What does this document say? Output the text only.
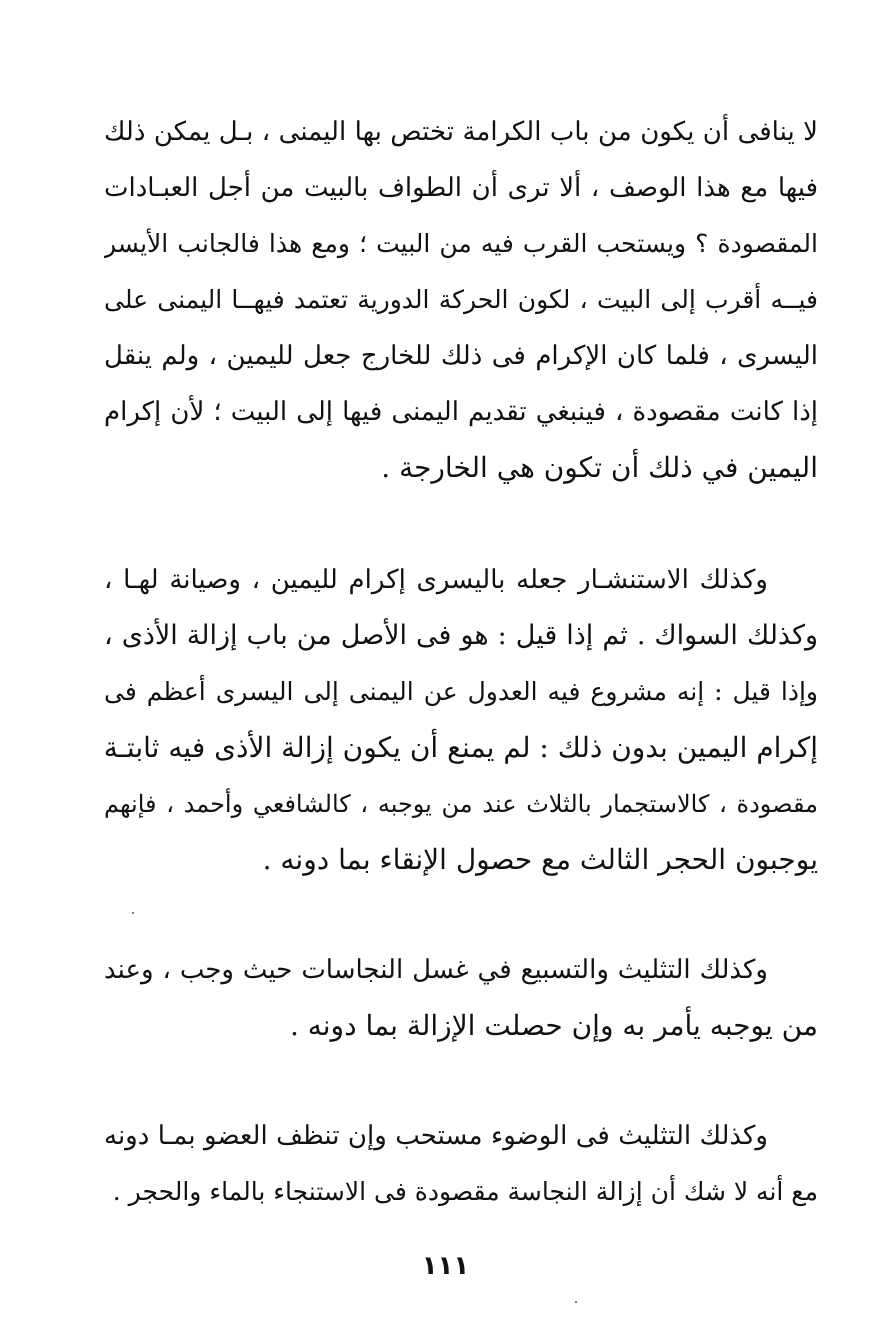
لا ينافى أن يكون من باب الكرامة تختص بها اليمنى ، بـل يمكن ذلك
فيها مع هذا الوصف ، ألا ترى أن الطواف بالبيت من أجل العبـادات
المقصودة ؟ ويستحب القرب فيه من البيت ؛ ومع هذا فالجانب الأيسر
فيــه أقرب إلى البيت ، لكون الحركة الدورية تعتمد فيهــا اليمنى على
اليسرى ، فلما كان الإكرام فى ذلك للخارج جعل لليمين ، ولم ينقل
إذا كانت مقصودة ، فينبغي تقديم اليمنى فيها إلى البيت ؛ لأن إكرام
اليمين في ذلك أن تكون هي الخارجة .
وكذلك الاستنشـار جعله باليسرى إكرام لليمين ، وصيانة لهـا ،
وكذلك السواك . ثم إذا قيل : هو فى الأصل من باب إزالة الأذى ،
وإذا قيل : إنه مشروع فيه العدول عن اليمنى إلى اليسرى أعظم فى
إكرام اليمين بدون ذلك : لم يمنع أن يكون إزالة الأذى فيه ثابتـة
مقصودة ، كالاستجمار بالثلاث عند من يوجبه ، كالشافعي وأحمد ، فإنهم
يوجبون الحجر الثالث مع حصول الإنقاء بما دونه .
وكذلك التثليث والتسبيع في غسل النجاسات حيث وجب ، وعند
من يوجبه يأمر به وإن حصلت الإزالة بما دونه .
وكذلك التثليث فى الوضوء مستحب وإن تنظف العضو بمـا دونه
مع أنه لا شك أن إزالة النجاسة مقصودة فى الاستنجاء بالماء والحجر .
١١١
